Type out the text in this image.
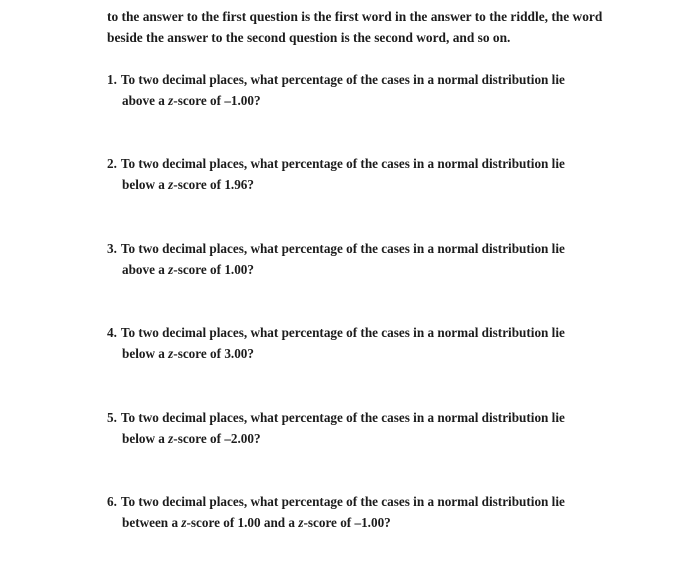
to the answer to the first question is the first word in the answer to the riddle, the word
beside the answer to the second question is the second word, and so on.
1. To two decimal places, what percentage of the cases in a normal distribution lie
above a z-score of –1.00?
2. To two decimal places, what percentage of the cases in a normal distribution lie
below a z-score of 1.96?
3. To two decimal places, what percentage of the cases in a normal distribution lie
above a z-score of 1.00?
4. To two decimal places, what percentage of the cases in a normal distribution lie
below a z-score of 3.00?
5. To two decimal places, what percentage of the cases in a normal distribution lie
below a z-score of –2.00?
6. To two decimal places, what percentage of the cases in a normal distribution lie
between a z-score of 1.00 and a z-score of –1.00?
